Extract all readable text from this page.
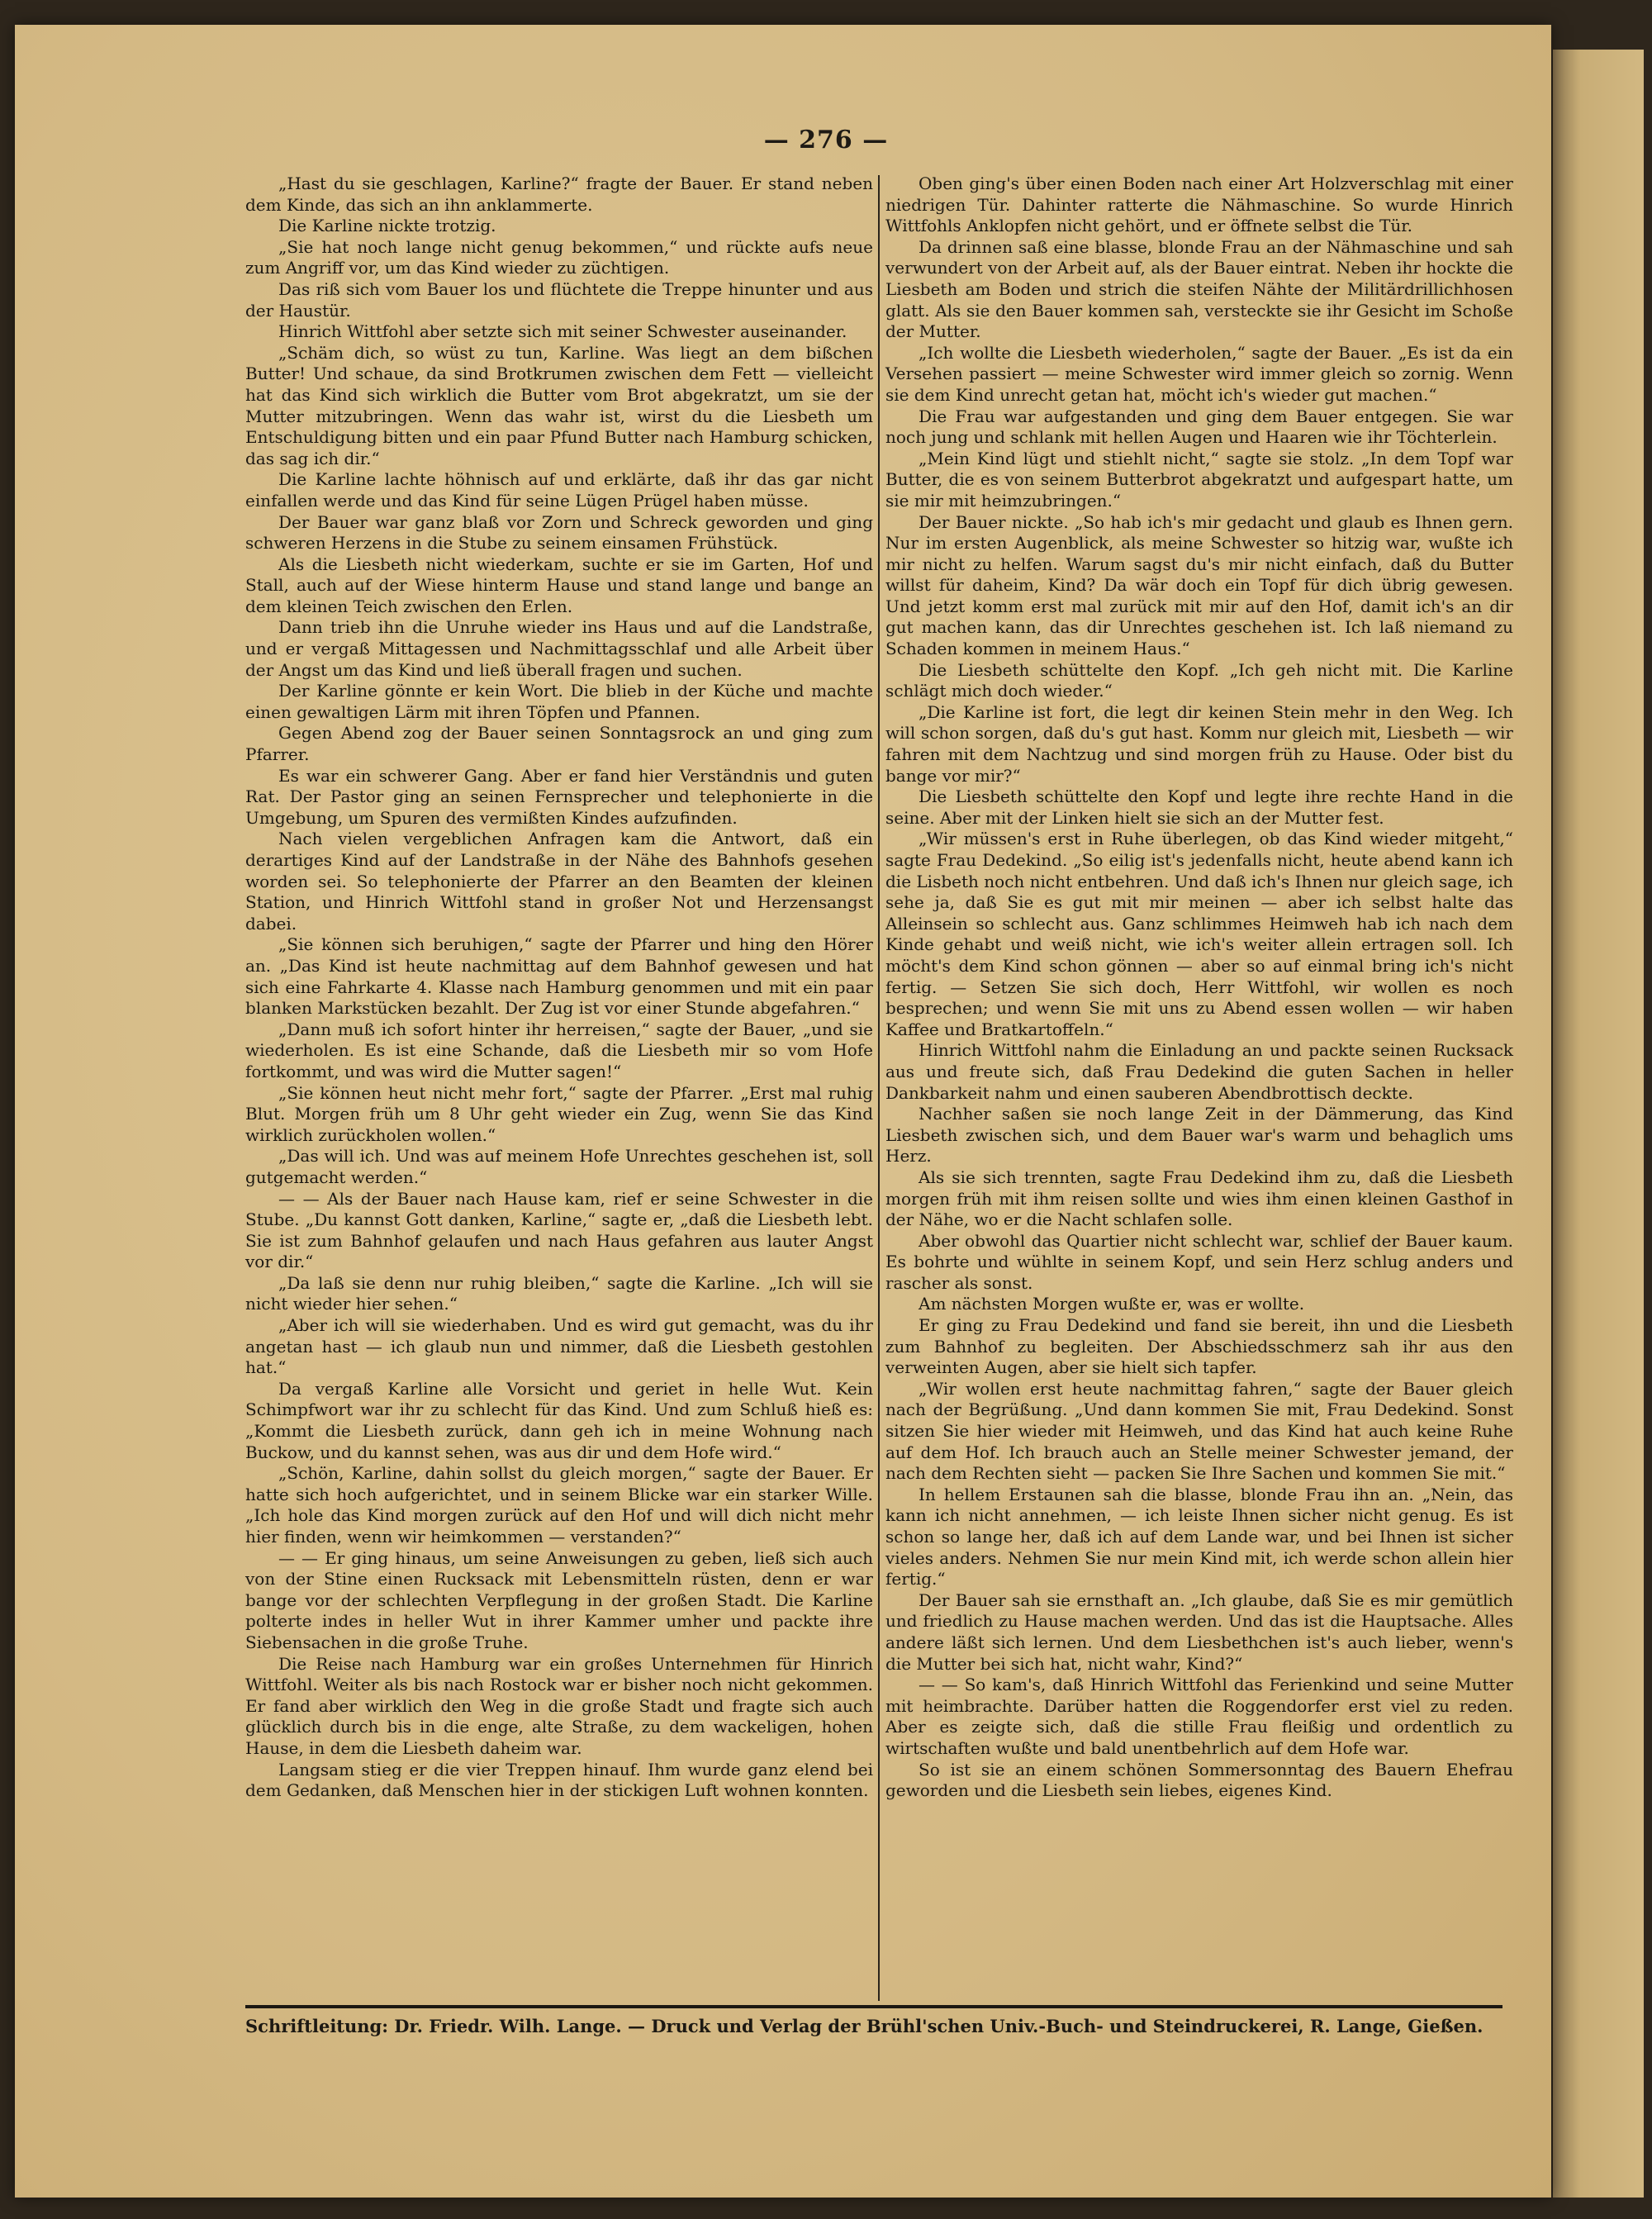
— 276 —

„Hast du sie geschlagen, Karline?“ fragte der Bauer. Er stand neben dem Kinde, das sich an ihn anklammerte.

Die Karline nickte trotzig.

„Sie hat noch lange nicht genug bekommen,“ und rückte aufs neue zum Angriff vor, um das Kind wieder zu züchtigen.

Das riß sich vom Bauer los und flüchtete die Treppe hinunter und aus der Haustür.

Hinrich Wittfohl aber setzte sich mit seiner Schwester auseinander.

„Schäm dich, so wüst zu tun, Karline. Was liegt an dem bißchen Butter! Und schaue, da sind Brotkrumen zwischen dem Fett — vielleicht hat das Kind sich wirklich die Butter vom Brot abgekratzt, um sie der Mutter mitzubringen. Wenn das wahr ist, wirst du die Liesbeth um Entschuldigung bitten und ein paar Pfund Butter nach Hamburg schicken, das sag ich dir.“

Die Karline lachte höhnisch auf und erklärte, daß ihr das gar nicht einfallen werde und das Kind für seine Lügen Prügel haben müsse.

Der Bauer war ganz blaß vor Zorn und Schreck geworden und ging schweren Herzens in die Stube zu seinem einsamen Frühstück.

Als die Liesbeth nicht wiederkam, suchte er sie im Garten, Hof und Stall, auch auf der Wiese hinterm Hause und stand lange und bange an dem kleinen Teich zwischen den Erlen.

Dann trieb ihn die Unruhe wieder ins Haus und auf die Landstraße, und er vergaß Mittagessen und Nachmittagsschlaf und alle Arbeit über der Angst um das Kind und ließ überall fragen und suchen.

Der Karline gönnte er kein Wort. Die blieb in der Küche und machte einen gewaltigen Lärm mit ihren Töpfen und Pfannen.

Gegen Abend zog der Bauer seinen Sonntagsrock an und ging zum Pfarrer.

Es war ein schwerer Gang. Aber er fand hier Verständnis und guten Rat. Der Pastor ging an seinen Fernsprecher und telephonierte in die Umgebung, um Spuren des vermißten Kindes aufzufinden.

Nach vielen vergeblichen Anfragen kam die Antwort, daß ein derartiges Kind auf der Landstraße in der Nähe des Bahnhofs gesehen worden sei. So telephonierte der Pfarrer an den Beamten der kleinen Station, und Hinrich Wittfohl stand in großer Not und Herzensangst dabei.

„Sie können sich beruhigen,“ sagte der Pfarrer und hing den Hörer an. „Das Kind ist heute nachmittag auf dem Bahnhof gewesen und hat sich eine Fahrkarte 4. Klasse nach Hamburg genommen und mit ein paar blanken Markstücken bezahlt. Der Zug ist vor einer Stunde abgefahren.“

„Dann muß ich sofort hinter ihr herreisen,“ sagte der Bauer, „und sie wiederholen. Es ist eine Schande, daß die Liesbeth mir so vom Hofe fortkommt, und was wird die Mutter sagen!“

„Sie können heut nicht mehr fort,“ sagte der Pfarrer. „Erst mal ruhig Blut. Morgen früh um 8 Uhr geht wieder ein Zug, wenn Sie das Kind wirklich zurückholen wollen.“

„Das will ich. Und was auf meinem Hofe Unrechtes geschehen ist, soll gutgemacht werden.“

— — Als der Bauer nach Hause kam, rief er seine Schwester in die Stube. „Du kannst Gott danken, Karline,“ sagte er, „daß die Liesbeth lebt. Sie ist zum Bahnhof gelaufen und nach Haus gefahren aus lauter Angst vor dir.“

„Da laß sie denn nur ruhig bleiben,“ sagte die Karline. „Ich will sie nicht wieder hier sehen.“

„Aber ich will sie wiederhaben. Und es wird gut gemacht, was du ihr angetan hast — ich glaub nun und nimmer, daß die Liesbeth gestohlen hat.“

Da vergaß Karline alle Vorsicht und geriet in helle Wut. Kein Schimpfwort war ihr zu schlecht für das Kind. Und zum Schluß hieß es: „Kommt die Liesbeth zurück, dann geh ich in meine Wohnung nach Buckow, und du kannst sehen, was aus dir und dem Hofe wird.“

„Schön, Karline, dahin sollst du gleich morgen,“ sagte der Bauer. Er hatte sich hoch aufgerichtet, und in seinem Blicke war ein starker Wille. „Ich hole das Kind morgen zurück auf den Hof und will dich nicht mehr hier finden, wenn wir heimkommen — verstanden?“

— — Er ging hinaus, um seine Anweisungen zu geben, ließ sich auch von der Stine einen Rucksack mit Lebensmitteln rüsten, denn er war bange vor der schlechten Verpflegung in der großen Stadt. Die Karline polterte indes in heller Wut in ihrer Kammer umher und packte ihre Siebensachen in die große Truhe.

Die Reise nach Hamburg war ein großes Unternehmen für Hinrich Wittfohl. Weiter als bis nach Rostock war er bisher noch nicht gekommen. Er fand aber wirklich den Weg in die große Stadt und fragte sich auch glücklich durch bis in die enge, alte Straße, zu dem wackeligen, hohen Hause, in dem die Liesbeth daheim war.

Langsam stieg er die vier Treppen hinauf. Ihm wurde ganz elend bei dem Gedanken, daß Menschen hier in der stickigen Luft wohnen konnten.

Oben ging's über einen Boden nach einer Art Holzverschlag mit einer niedrigen Tür. Dahinter ratterte die Nähmaschine. So wurde Hinrich Wittfohls Anklopfen nicht gehört, und er öffnete selbst die Tür.

Da drinnen saß eine blasse, blonde Frau an der Nähmaschine und sah verwundert von der Arbeit auf, als der Bauer eintrat. Neben ihr hockte die Liesbeth am Boden und strich die steifen Nähte der Militärdrillichhosen glatt. Als sie den Bauer kommen sah, versteckte sie ihr Gesicht im Schoße der Mutter.

„Ich wollte die Liesbeth wiederholen,“ sagte der Bauer. „Es ist da ein Versehen passiert — meine Schwester wird immer gleich so zornig. Wenn sie dem Kind unrecht getan hat, möcht ich's wieder gut machen.“

Die Frau war aufgestanden und ging dem Bauer entgegen. Sie war noch jung und schlank mit hellen Augen und Haaren wie ihr Töchterlein.

„Mein Kind lügt und stiehlt nicht,“ sagte sie stolz. „In dem Topf war Butter, die es von seinem Butterbrot abgekratzt und aufgespart hatte, um sie mir mit heimzubringen.“

Der Bauer nickte. „So hab ich's mir gedacht und glaub es Ihnen gern. Nur im ersten Augenblick, als meine Schwester so hitzig war, wußte ich mir nicht zu helfen. Warum sagst du's mir nicht einfach, daß du Butter willst für daheim, Kind? Da wär doch ein Topf für dich übrig gewesen. Und jetzt komm erst mal zurück mit mir auf den Hof, damit ich's an dir gut machen kann, das dir Unrechtes geschehen ist. Ich laß niemand zu Schaden kommen in meinem Haus.“

Die Liesbeth schüttelte den Kopf. „Ich geh nicht mit. Die Karline schlägt mich doch wieder.“

„Die Karline ist fort, die legt dir keinen Stein mehr in den Weg. Ich will schon sorgen, daß du's gut hast. Komm nur gleich mit, Liesbeth — wir fahren mit dem Nachtzug und sind morgen früh zu Hause. Oder bist du bange vor mir?“

Die Liesbeth schüttelte den Kopf und legte ihre rechte Hand in die seine. Aber mit der Linken hielt sie sich an der Mutter fest.

„Wir müssen's erst in Ruhe überlegen, ob das Kind wieder mitgeht,“ sagte Frau Dedekind. „So eilig ist's jedenfalls nicht, heute abend kann ich die Lisbeth noch nicht entbehren. Und daß ich's Ihnen nur gleich sage, ich sehe ja, daß Sie es gut mit mir meinen — aber ich selbst halte das Alleinsein so schlecht aus. Ganz schlimmes Heimweh hab ich nach dem Kinde gehabt und weiß nicht, wie ich's weiter allein ertragen soll. Ich möcht's dem Kind schon gönnen — aber so auf einmal bring ich's nicht fertig. — Setzen Sie sich doch, Herr Wittfohl, wir wollen es noch besprechen; und wenn Sie mit uns zu Abend essen wollen — wir haben Kaffee und Bratkartoffeln.“

Hinrich Wittfohl nahm die Einladung an und packte seinen Rucksack aus und freute sich, daß Frau Dedekind die guten Sachen in heller Dankbarkeit nahm und einen sauberen Abendbrottisch deckte.

Nachher saßen sie noch lange Zeit in der Dämmerung, das Kind Liesbeth zwischen sich, und dem Bauer war's warm und behaglich ums Herz.

Als sie sich trennten, sagte Frau Dedekind ihm zu, daß die Liesbeth morgen früh mit ihm reisen sollte und wies ihm einen kleinen Gasthof in der Nähe, wo er die Nacht schlafen solle.

Aber obwohl das Quartier nicht schlecht war, schlief der Bauer kaum. Es bohrte und wühlte in seinem Kopf, und sein Herz schlug anders und rascher als sonst.

Am nächsten Morgen wußte er, was er wollte.

Er ging zu Frau Dedekind und fand sie bereit, ihn und die Liesbeth zum Bahnhof zu begleiten. Der Abschiedsschmerz sah ihr aus den verweinten Augen, aber sie hielt sich tapfer.

„Wir wollen erst heute nachmittag fahren,“ sagte der Bauer gleich nach der Begrüßung. „Und dann kommen Sie mit, Frau Dedekind. Sonst sitzen Sie hier wieder mit Heimweh, und das Kind hat auch keine Ruhe auf dem Hof. Ich brauch auch an Stelle meiner Schwester jemand, der nach dem Rechten sieht — packen Sie Ihre Sachen und kommen Sie mit.“

In hellem Erstaunen sah die blasse, blonde Frau ihn an. „Nein, das kann ich nicht annehmen, — ich leiste Ihnen sicher nicht genug. Es ist schon so lange her, daß ich auf dem Lande war, und bei Ihnen ist sicher vieles anders. Nehmen Sie nur mein Kind mit, ich werde schon allein hier fertig.“

Der Bauer sah sie ernsthaft an. „Ich glaube, daß Sie es mir gemütlich und friedlich zu Hause machen werden. Und das ist die Hauptsache. Alles andere läßt sich lernen. Und dem Liesbethchen ist's auch lieber, wenn's die Mutter bei sich hat, nicht wahr, Kind?“

— — So kam's, daß Hinrich Wittfohl das Ferienkind und seine Mutter mit heimbrachte. Darüber hatten die Roggendorfer erst viel zu reden. Aber es zeigte sich, daß die stille Frau fleißig und ordentlich zu wirtschaften wußte und bald unentbehrlich auf dem Hofe war.

So ist sie an einem schönen Sommersonntag des Bauern Ehefrau geworden und die Liesbeth sein liebes, eigenes Kind.

Schriftleitung: Dr. Friedr. Wilh. Lange. — Druck und Verlag der Brühl'schen Univ.-Buch- und Steindruckerei, R. Lange, Gießen.
